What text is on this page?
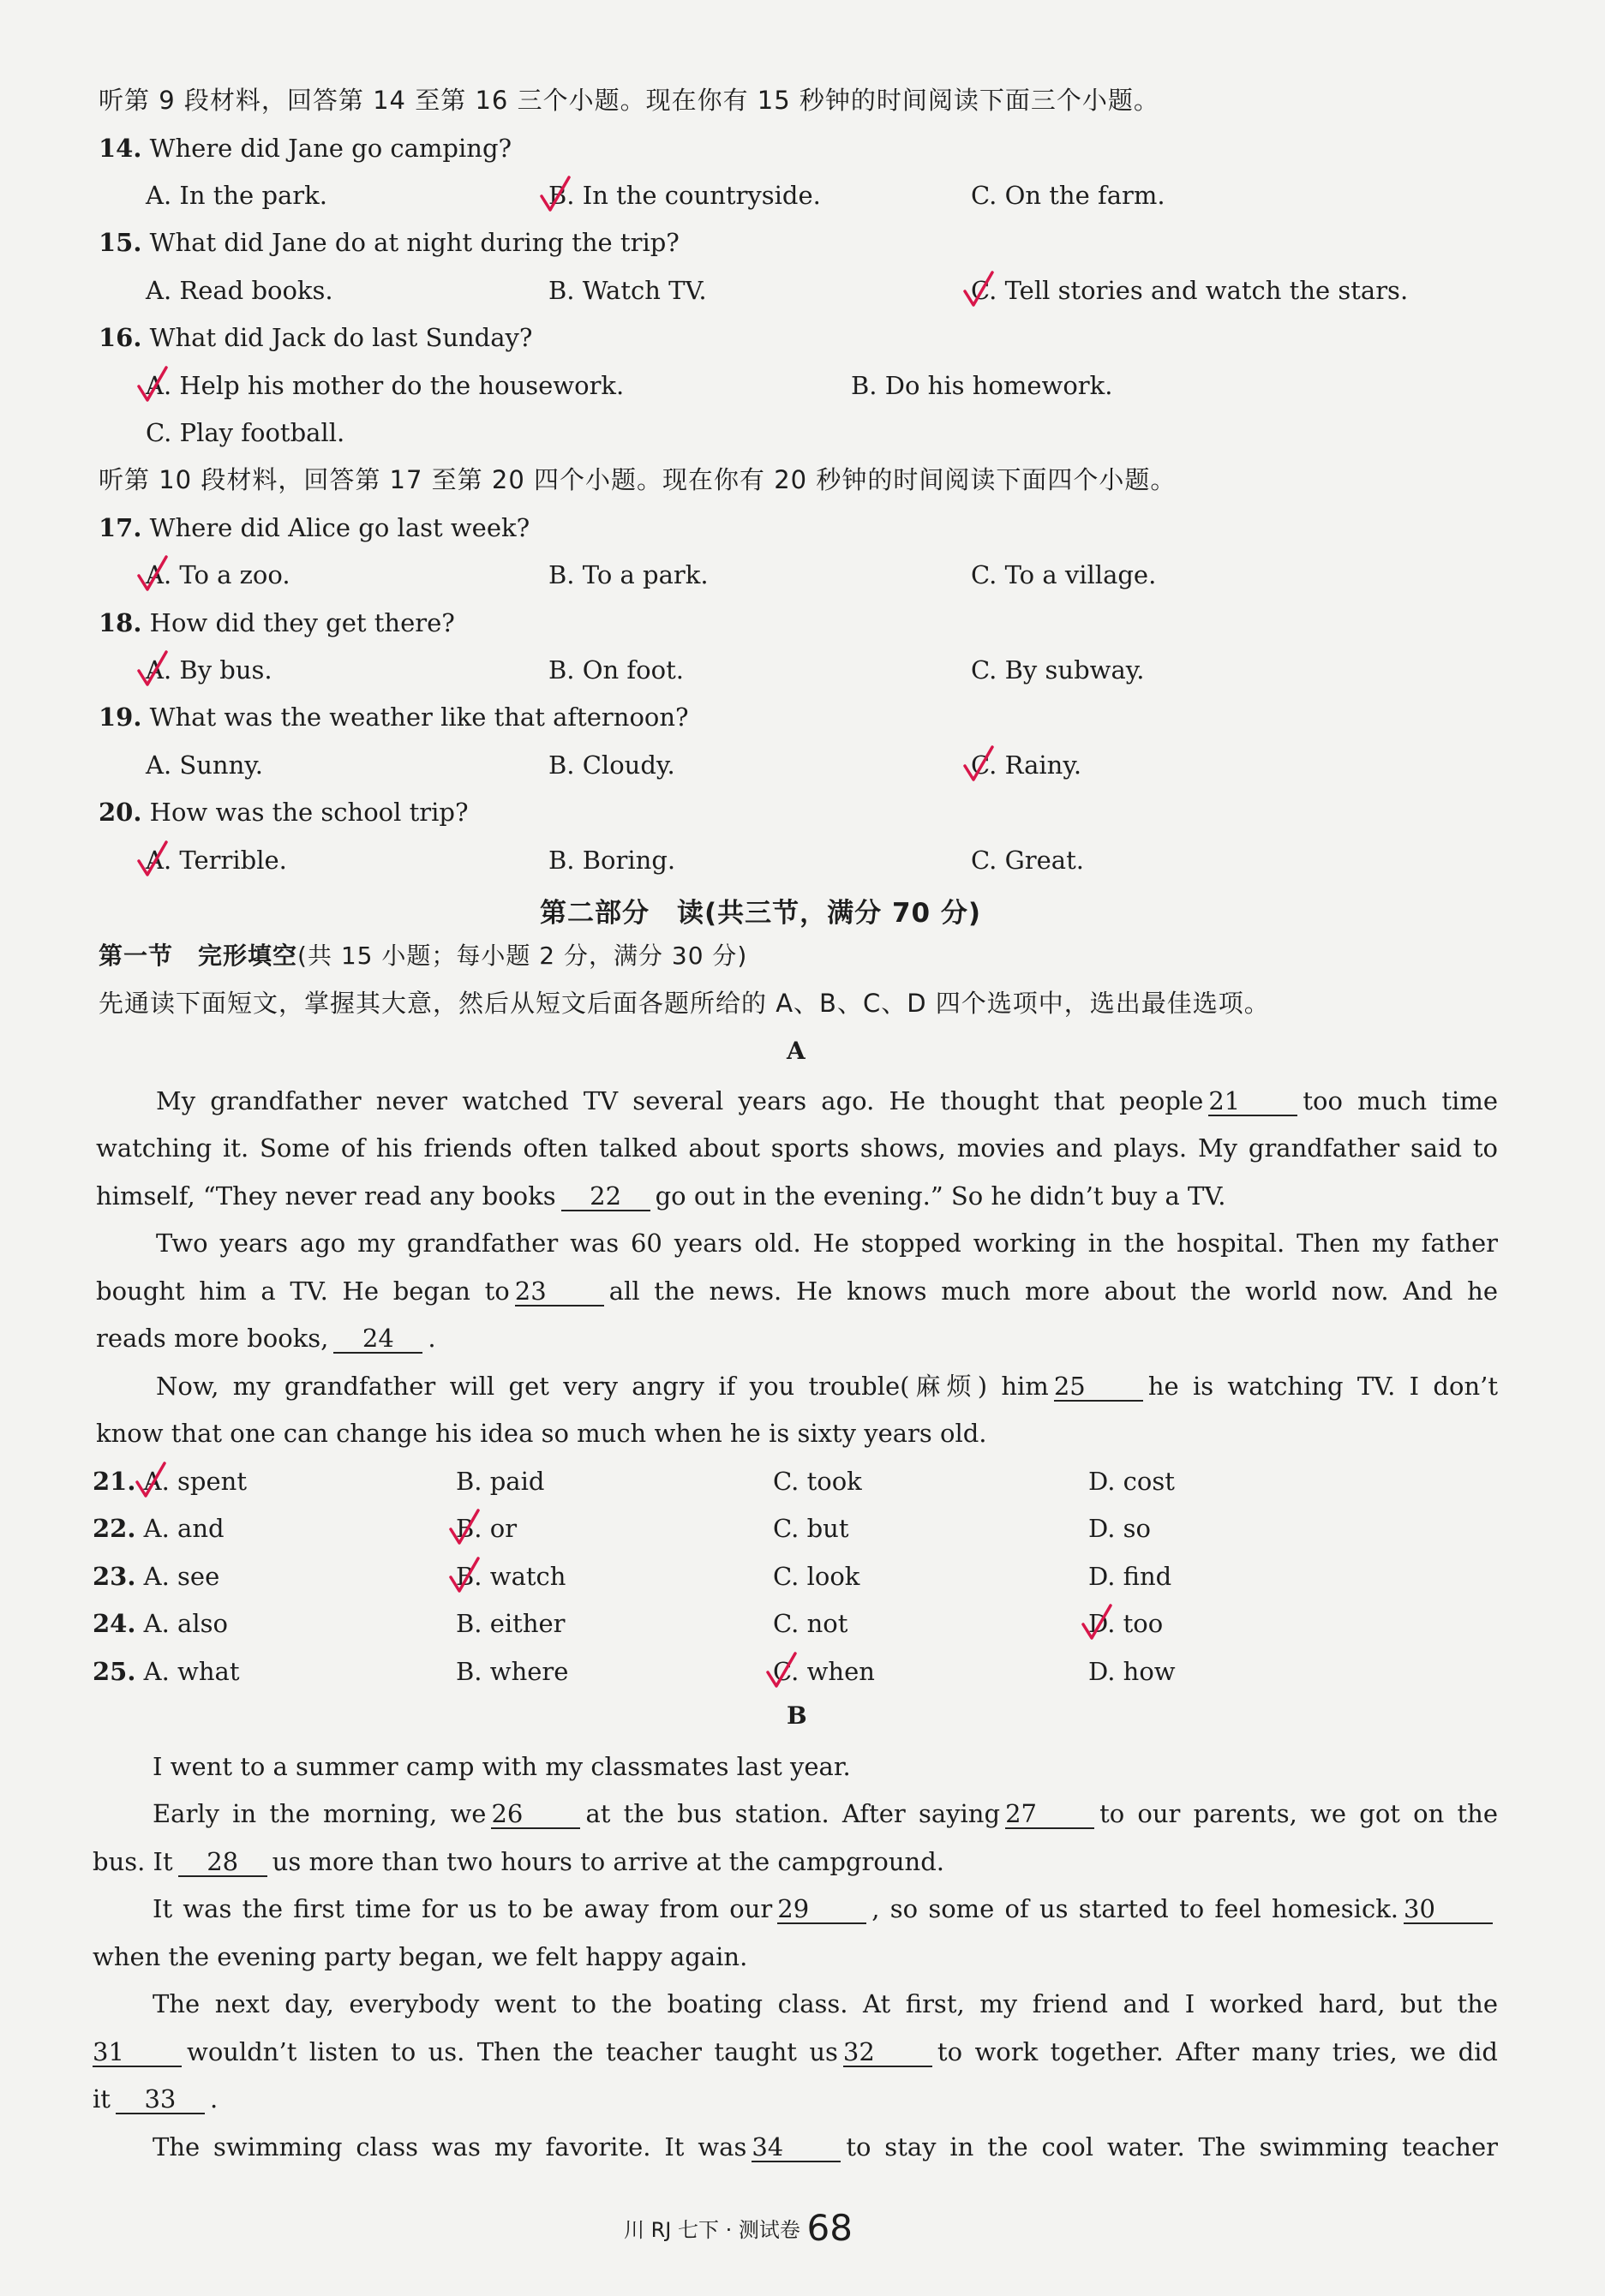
听第 9 段材料，回答第 14 至第 16 三个小题。现在你有 15 秒钟的时间阅读下面三个小题。
14. Where did Jane go camping?
A. In the park.	B. In the countryside.	C. On the farm.
15. What did Jane do at night during the trip?
A. Read books.	B. Watch TV.	C. Tell stories and watch the stars.
16. What did Jack do last Sunday?
A. Help his mother do the housework.	B. Do his homework.
C. Play football.
听第 10 段材料，回答第 17 至第 20 四个小题。现在你有 20 秒钟的时间阅读下面四个小题。
17. Where did Alice go last week?
A. To a zoo.	B. To a park.	C. To a village.
18. How did they get there?
A. By bus.	B. On foot.	C. By subway.
19. What was the weather like that afternoon?
A. Sunny.	B. Cloudy.	C. Rainy.
20. How was the school trip?
A. Terrible.	B. Boring.	C. Great.
第二部分　读(共三节，满分 70 分)
第一节　完形填空(共 15 小题；每小题 2 分，满分 30 分)
先通读下面短文，掌握其大意，然后从短文后面各题所给的 A、B、C、D 四个选项中，选出最佳选项。
A
My grandfather never watched TV several years ago. He thought that people 21	too much time
watching it. Some of his friends often talked about sports shows, movies and plays. My grandfather said to
himself, “They never read any books 22 go out in the evening.” So he didn’t buy a TV.
Two years ago my grandfather was 60 years old. He stopped working in the hospital. Then my father
bought him a TV. He began to 23	all the news. He knows much more about the world now. And he
reads more books, 24 .
Now, my grandfather will get very angry if you trouble(麻烦) him 25	he is watching TV. I don’t
know that one can change his idea so much when he is sixty years old.
21. A. spent	B. paid	C. took	D. cost
22. A. and	B. or	C. but	D. so
23. A. see	B. watch	C. look	D. find
24. A. also	B. either	C. not	D. too
25. A. what	B. where	C. when	D. how
B
I went to a summer camp with my classmates last year.
Early in the morning, we 26	at the bus station. After saying 27	to our parents, we got on the
bus. It 28 us more than two hours to arrive at the campground.
It was the first time for us to be away from our 29	, so some of us started to feel homesick. 30
when the evening party began, we felt happy again.
The next day, everybody went to the boating class. At first, my friend and I worked hard, but the
31	wouldn’t listen to us. Then the teacher taught us 32	to work together. After many tries, we did
it 33 .
The swimming class was my favorite. It was 34	to stay in the cool water. The swimming teacher
川 RJ 七下 · 测试卷 68
